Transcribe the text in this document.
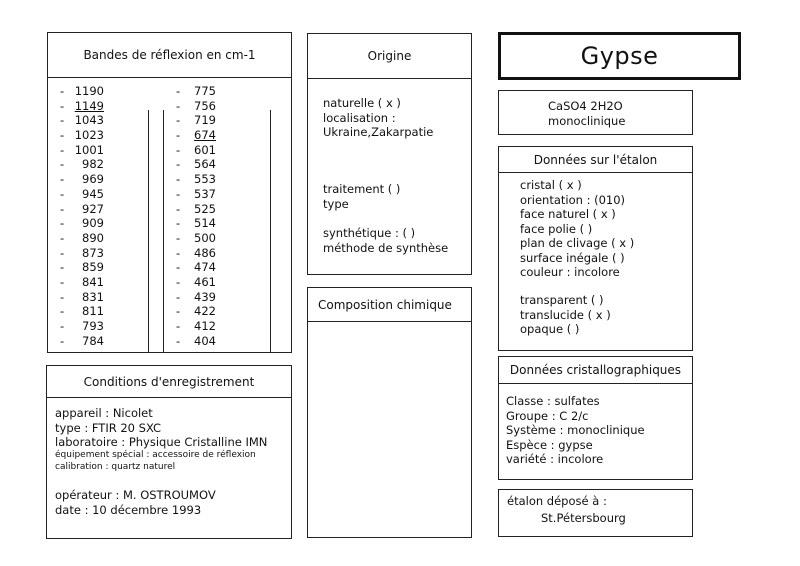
Bandes de réflexion en cm-1
- 1190
- 1149
- 1043
- 1023
- 1001
- 982
- 969
- 945
- 927
- 909
- 890
- 873
- 859
- 841
- 831
- 811
- 793
- 784
- 775
- 756
- 719
- 674
- 601
- 564
- 553
- 537
- 525
- 514
- 500
- 486
- 474
- 461
- 439
- 422
- 412
- 404
Origine
naturelle ( x )
localisation :
Ukraine,Zakarpatie
traitement ( )
type
synthétique : ( )
méthode de synthèse
Composition chimique
Conditions d'enregistrement
appareil : Nicolet
type : FTIR 20 SXC
laboratoire : Physique Cristalline IMN
équipement spécial : accessoire de réflexion
calibration : quartz naturel
opérateur : M. OSTROUMOV
date : 10 décembre 1993
Gypse
CaSO4 2H2O
monoclinique
Données sur l'étalon
cristal ( x )
orientation : (010)
face naturel ( x )
face polie ( )
plan de clivage ( x )
surface inégale ( )
couleur : incolore
transparent ( )
translucide ( x )
opaque ( )
Données cristallographiques
Classe : sulfates
Groupe : C 2/c
Système : monoclinique
Espèce : gypse
variété : incolore
étalon déposé à :
St.Pétersbourg
